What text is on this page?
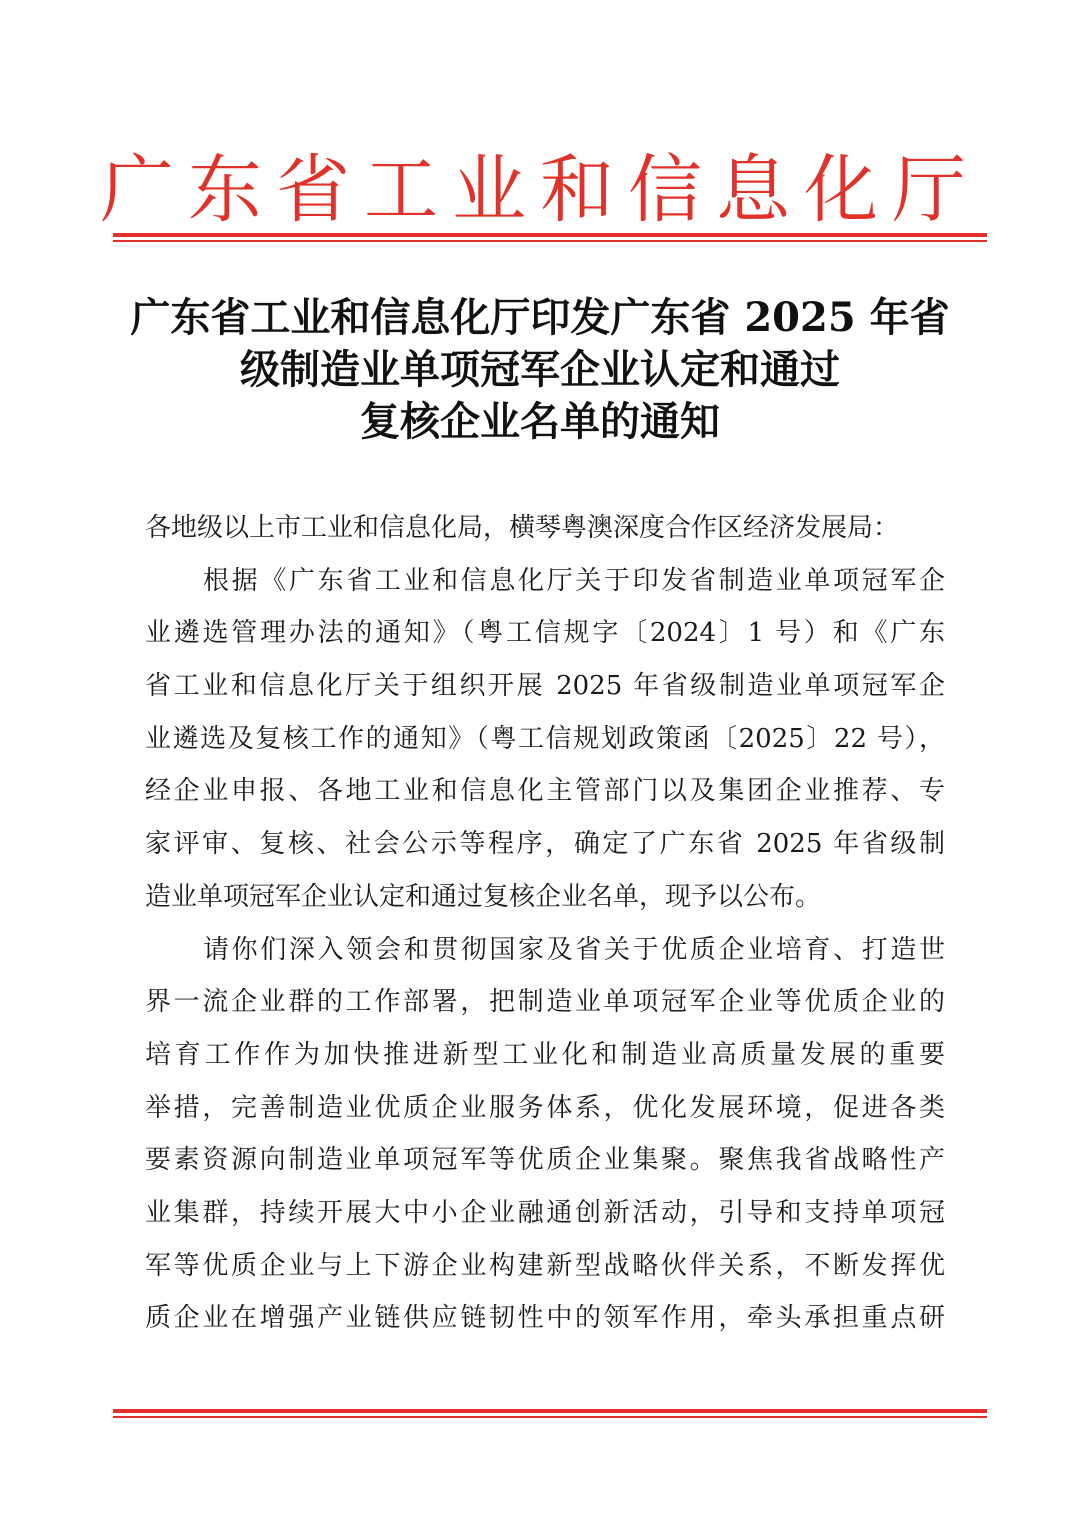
广东省工业和信息化厅
广东省工业和信息化厅印发广东省 2025 年省
级制造业单项冠军企业认定和通过
复核企业名单的通知
各地级以上市工业和信息化局，横琴粤澳深度合作区经济发展局：
根据《广东省工业和信息化厅关于印发省制造业单项冠军企
业遴选管理办法的通知》（粤工信规字〔2024〕1 号）和《广东
省工业和信息化厅关于组织开展 2025 年省级制造业单项冠军企
业遴选及复核工作的通知》（粤工信规划政策函〔2025〕22 号），
经企业申报、各地工业和信息化主管部门以及集团企业推荐、专
家评审、复核、社会公示等程序，确定了广东省 2025 年省级制
造业单项冠军企业认定和通过复核企业名单，现予以公布。
请你们深入领会和贯彻国家及省关于优质企业培育、打造世
界一流企业群的工作部署，把制造业单项冠军企业等优质企业的
培育工作作为加快推进新型工业化和制造业高质量发展的重要
举措，完善制造业优质企业服务体系，优化发展环境，促进各类
要素资源向制造业单项冠军等优质企业集聚。聚焦我省战略性产
业集群，持续开展大中小企业融通创新活动，引导和支持单项冠
军等优质企业与上下游企业构建新型战略伙伴关系，不断发挥优
质企业在增强产业链供应链韧性中的领军作用，牵头承担重点研
